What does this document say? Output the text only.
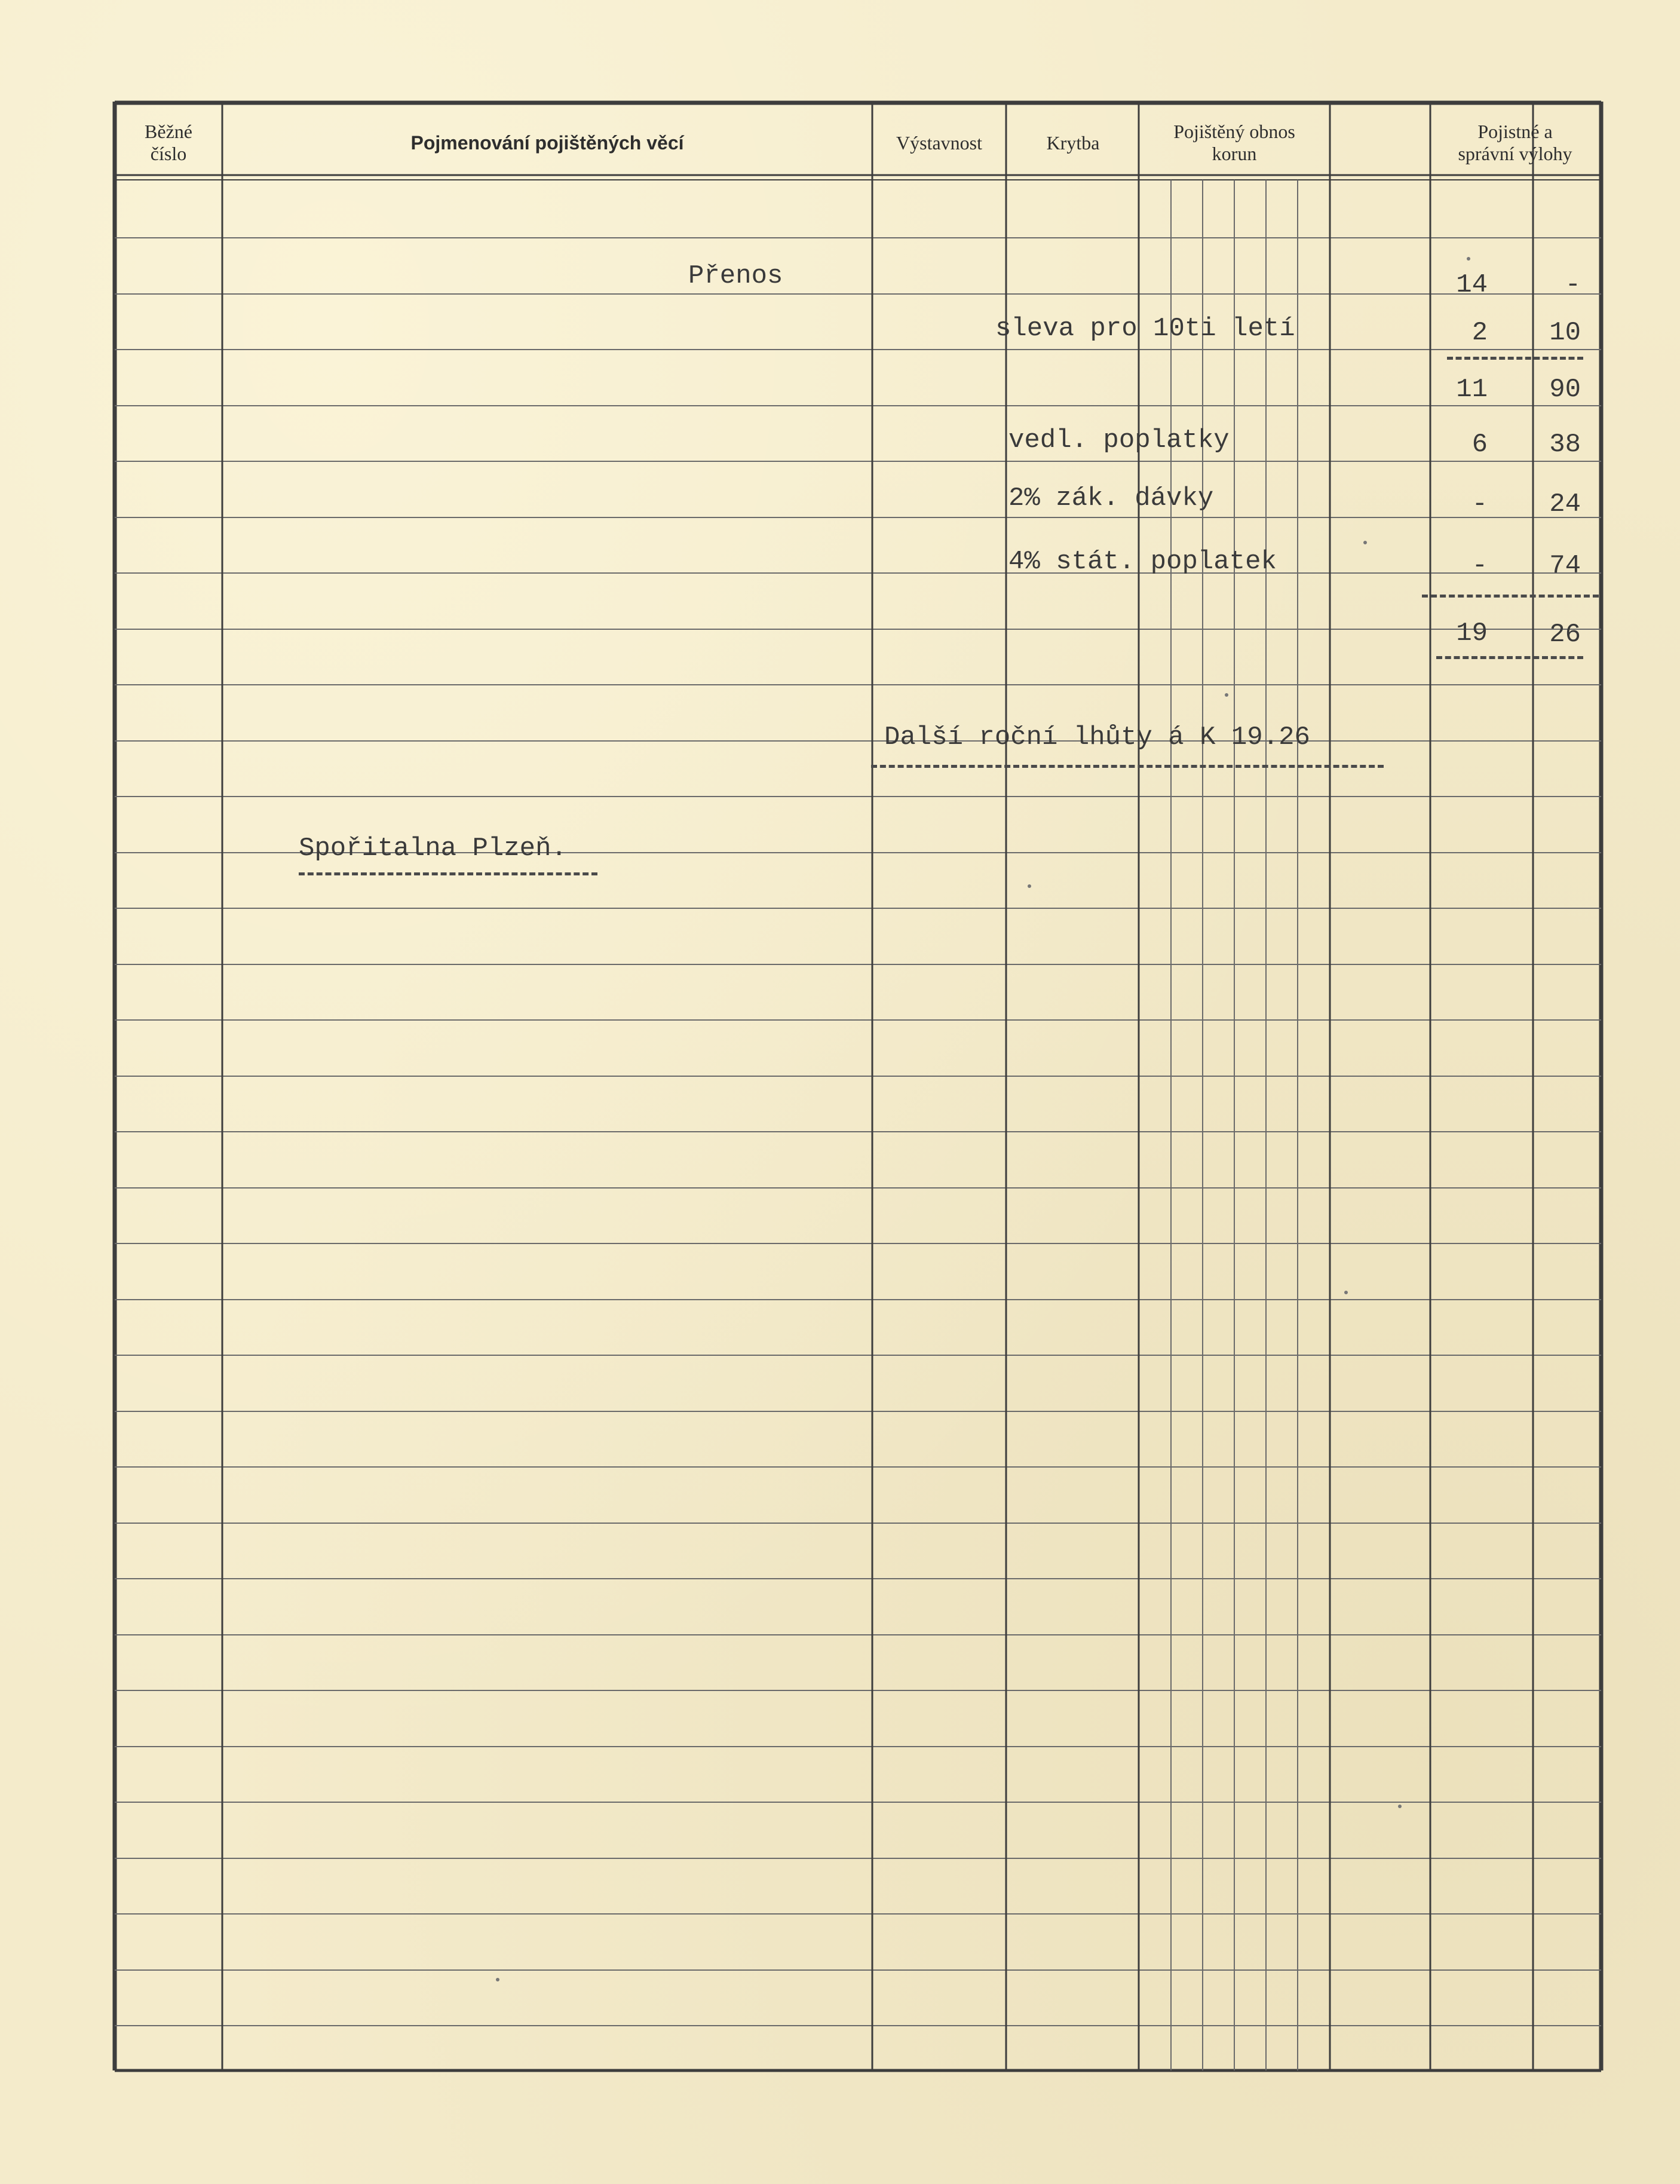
Běžné
číslo
Pojmenování pojištěných věcí	Výstavnost	Krytba
Pojištěný obnos
korun
Pojistné a
správní výlohy
Přenos	14	-
sleva pro 10ti letí	2	10
11	90
vedl. poplatky	6	38
2% zák. dávky	-	24
4% stát. poplatek	-	74
19	26
Další roční lhůty á K 19.26
Spořitalna Plzeň.
